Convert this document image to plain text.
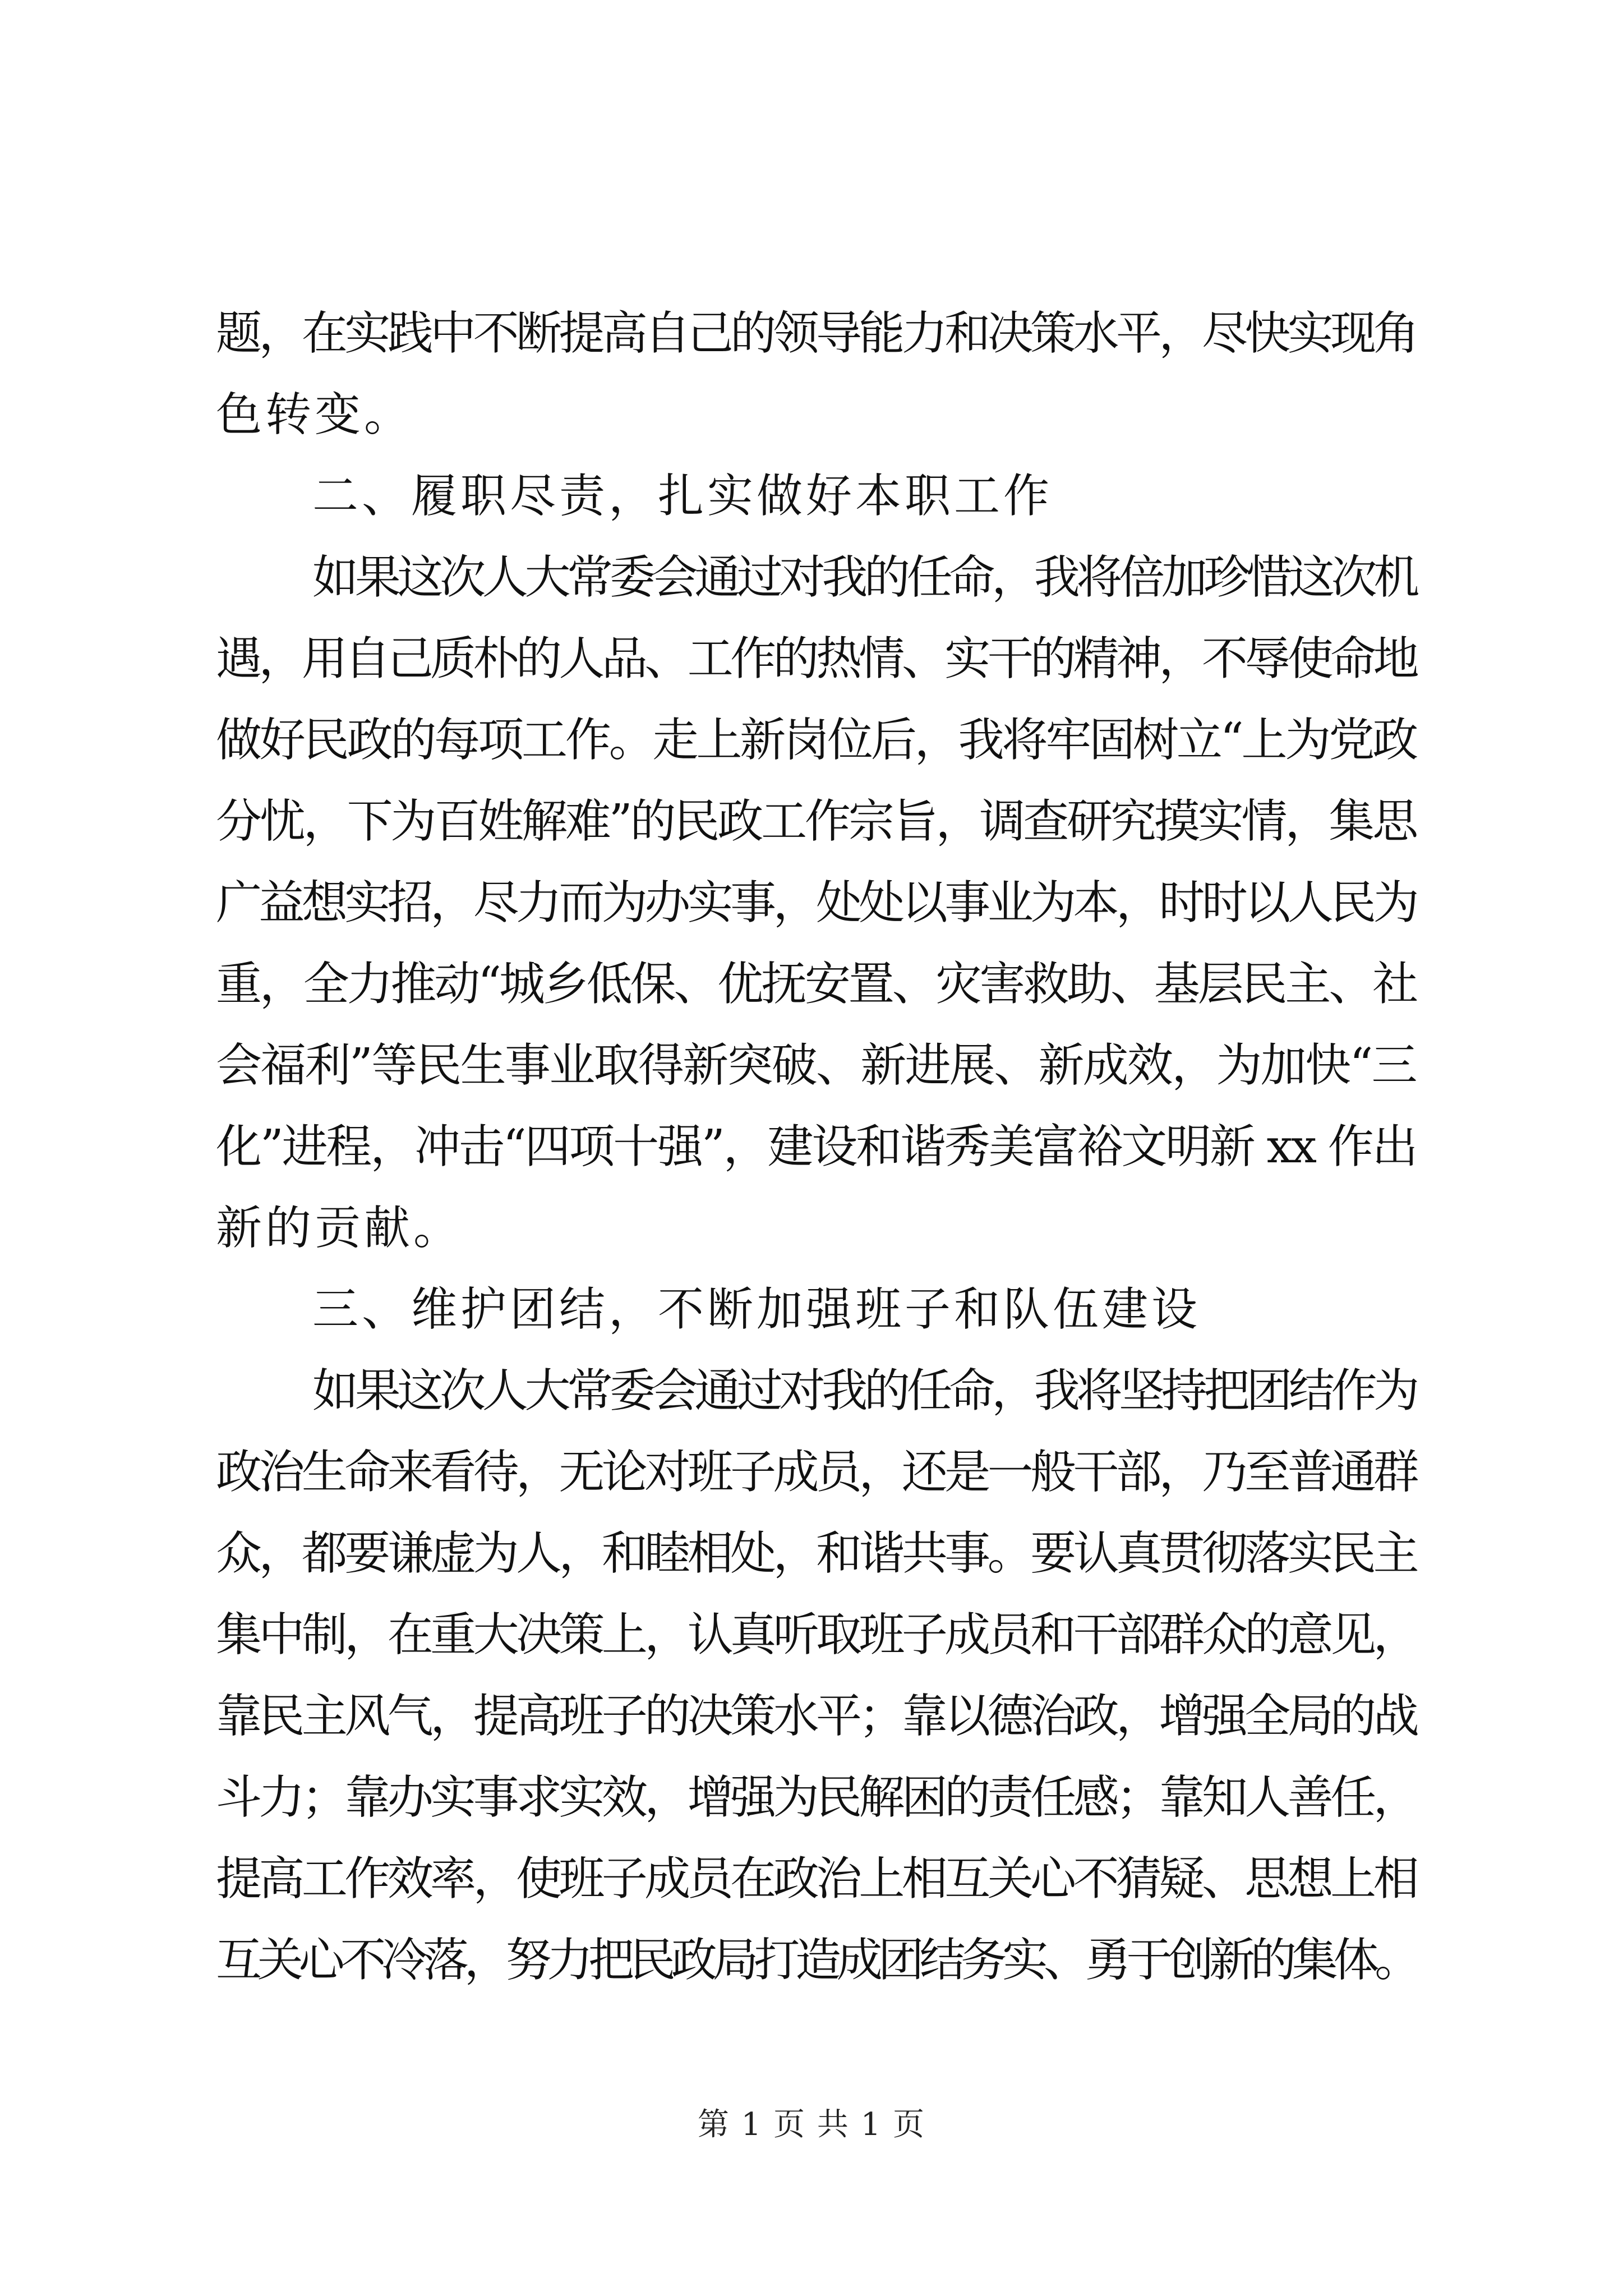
题，在实践中不断提高自己的领导能力和决策水平，尽快实现角
色转变。
二、履职尽责，扎实做好本职工作
如果这次人大常委会通过对我的任命，我将倍加珍惜这次机
遇，用自己质朴的人品、工作的热情、实干的精神，不辱使命地
做好民政的每项工作。走上新岗位后，我将牢固树立“上为党政
分忧，下为百姓解难”的民政工作宗旨，调查研究摸实情，集思
广益想实招，尽力而为办实事，处处以事业为本，时时以人民为
重，全力推动“城乡低保、优抚安置、灾害救助、基层民主、社
会福利”等民生事业取得新突破、新进展、新成效，为加快“三
化”进程，冲击“四项十强”，建设和谐秀美富裕文明新 xx 作出
新的贡献。
三、维护团结，不断加强班子和队伍建设
如果这次人大常委会通过对我的任命，我将坚持把团结作为
政治生命来看待，无论对班子成员，还是一般干部，乃至普通群
众，都要谦虚为人，和睦相处，和谐共事。要认真贯彻落实民主
集中制，在重大决策上，认真听取班子成员和干部群众的意见，
靠民主风气，提高班子的决策水平；靠以德治政，增强全局的战
斗力；靠办实事求实效，增强为民解困的责任感；靠知人善任，
提高工作效率，使班子成员在政治上相互关心不猜疑、思想上相
互关心不冷落，努力把民政局打造成团结务实、勇于创新的集体。
第 1 页 共 1 页
